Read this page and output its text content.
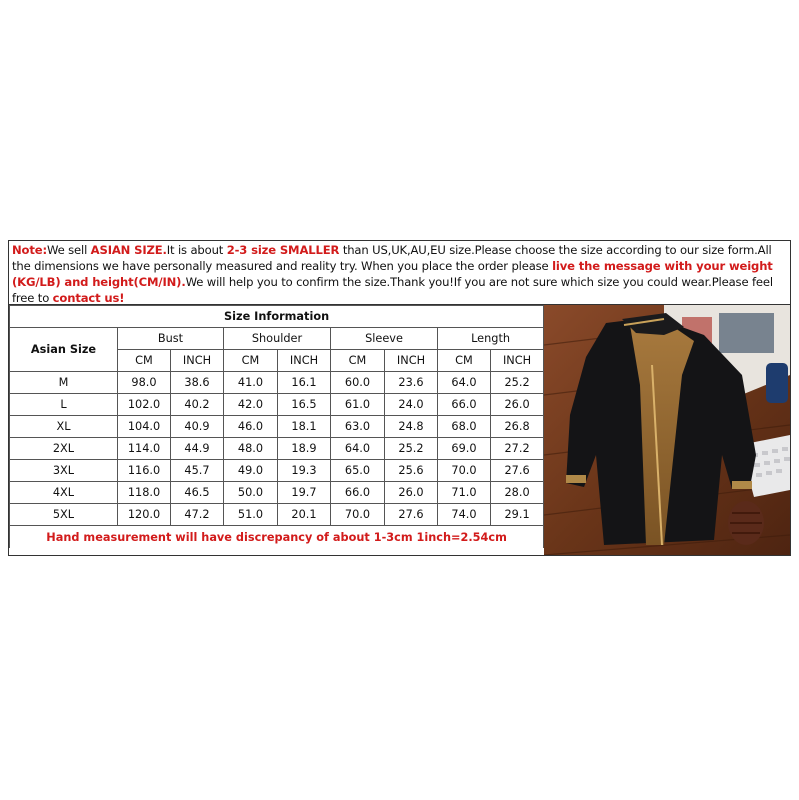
Note:We sell ASIAN SIZE.It is about 2-3 size SMALLER than US,UK,AU,EU size.Please choose the size according to our size form.All the dimensions we have personally measured and reality try. When you place the order please live the message with your weight (KG/LB) and height(CM/IN).We will help you to confirm the size.Thank you!If you are not sure which size you could wear.Please feel free to contact us!
Size Information								
Asian Size	Bust		Shoulder		Sleeve		Length	
	CM	INCH	CM	INCH	CM	INCH	CM	INCH
M	98.0	38.6	41.0	16.1	60.0	23.6	64.0	25.2
L	102.0	40.2	42.0	16.5	61.0	24.0	66.0	26.0
XL	104.0	40.9	46.0	18.1	63.0	24.8	68.0	26.8
2XL	114.0	44.9	48.0	18.9	64.0	25.2	69.0	27.2
3XL	116.0	45.7	49.0	19.3	65.0	25.6	70.0	27.6
4XL	118.0	46.5	50.0	19.7	66.0	26.0	71.0	28.0
5XL	120.0	47.2	51.0	20.1	70.0	27.6	74.0	29.1
Hand measurement will have discrepancy of about 1-3cm 1inch=2.54cm								
